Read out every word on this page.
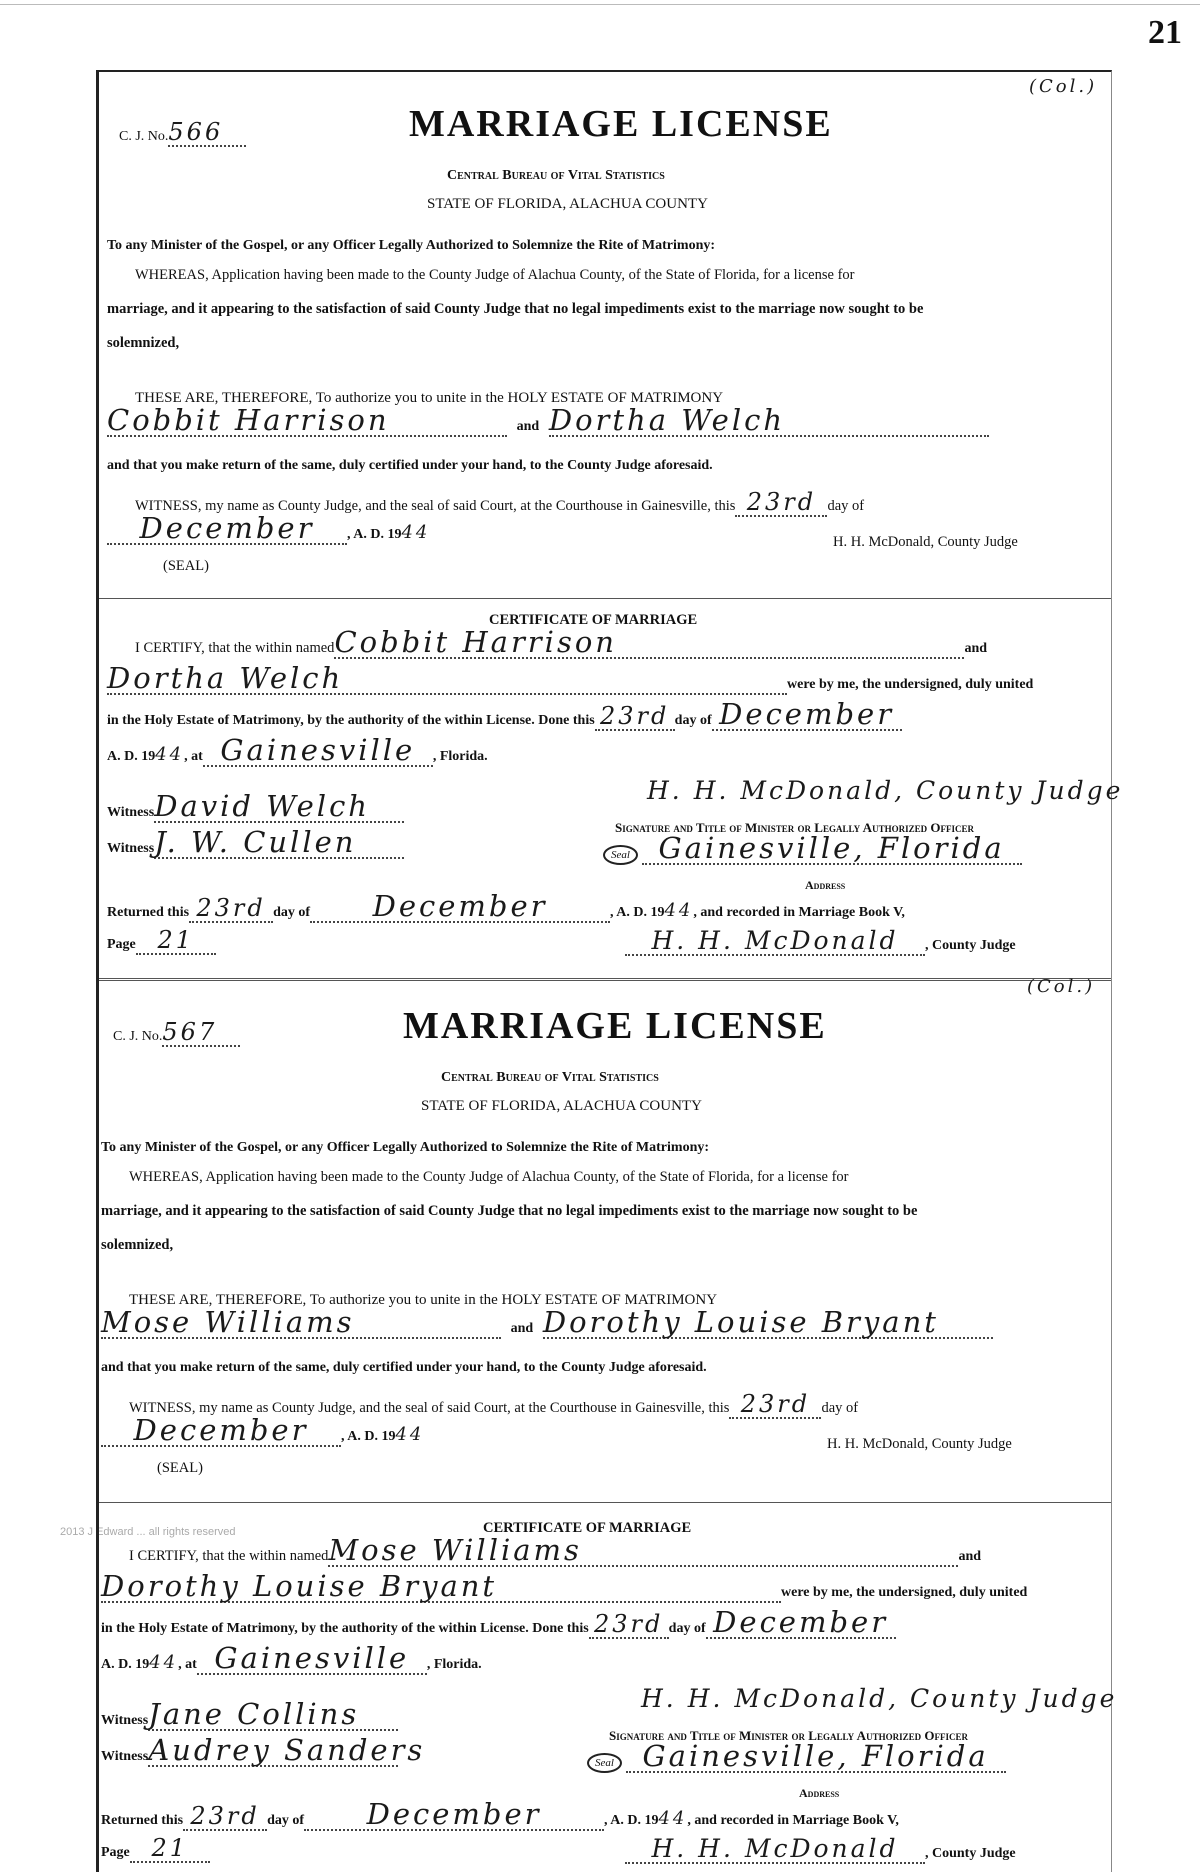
21
2013 J Edward ... all rights reserved
(Col.)
C. J. No.566	MARRIAGE LICENSE
Central Bureau of Vital Statistics
STATE OF FLORIDA, ALACHUA COUNTY
To any Minister of the Gospel, or any Officer Legally Authorized to Solemnize the Rite of Matrimony:
WHEREAS, Application having been made to the County Judge of Alachua County, of the State of Florida, for a license for
marriage, and it appearing to the satisfaction of said County Judge that no legal impediments exist to the marriage now sought to be
solemnized,
THESE ARE, THEREFORE, To authorize you to unite in the HOLY ESTATE OF MATRIMONY
Cobbit Harrison	and Dortha Welch
and that you make return of the same, duly certified under your hand, to the County Judge aforesaid.
WITNESS, my name as County Judge, and the seal of said Court, at the Courthouse in Gainesville, this 23rd day of
December , A. D. 1944	H. H. McDonald, County Judge
(SEAL)
CERTIFICATE OF MARRIAGE
I CERTIFY, that the within namedCobbit Harrison	and
Dortha Welch	were by me, the undersigned, duly united
in the Holy Estate of Matrimony, by the authority of the within License. Done this 23rd day of December
A. D. 1944, at Gainesville , Florida.
H. H. McDonald, County Judge
WitnessDavid Welch
Signature and Title of Minister or Legally Authorized Officer
WitnessJ. W. Cullen	Seal Gainesville, Florida
Address
Returned this 23rd day of December	, A. D. 1944, and recorded in Marriage Book V,
Page 21	H. H. McDonald , County Judge
(Col.)
C. J. No.567	MARRIAGE LICENSE
Central Bureau of Vital Statistics
STATE OF FLORIDA, ALACHUA COUNTY
To any Minister of the Gospel, or any Officer Legally Authorized to Solemnize the Rite of Matrimony:
WHEREAS, Application having been made to the County Judge of Alachua County, of the State of Florida, for a license for
marriage, and it appearing to the satisfaction of said County Judge that no legal impediments exist to the marriage now sought to be
solemnized,
THESE ARE, THEREFORE, To authorize you to unite in the HOLY ESTATE OF MATRIMONY
Mose Williams	and Dorothy Louise Bryant
and that you make return of the same, duly certified under your hand, to the County Judge aforesaid.
WITNESS, my name as County Judge, and the seal of said Court, at the Courthouse in Gainesville, this 23rd day of
December , A. D. 1944	H. H. McDonald, County Judge
(SEAL)
CERTIFICATE OF MARRIAGE
I CERTIFY, that the within namedMose Williams	and
Dorothy Louise Bryant	were by me, the undersigned, duly united
in the Holy Estate of Matrimony, by the authority of the within License. Done this 23rd day of December
A. D. 1944, at Gainesville , Florida.
H. H. McDonald, County Judge
WitnessJane Collins
Signature and Title of Minister or Legally Authorized Officer
WitnessAudrey Sanders	Seal Gainesville, Florida
Address
Returned this 23rd day of December	, A. D. 1944, and recorded in Marriage Book V,
Page 21	H. H. McDonald , County Judge
